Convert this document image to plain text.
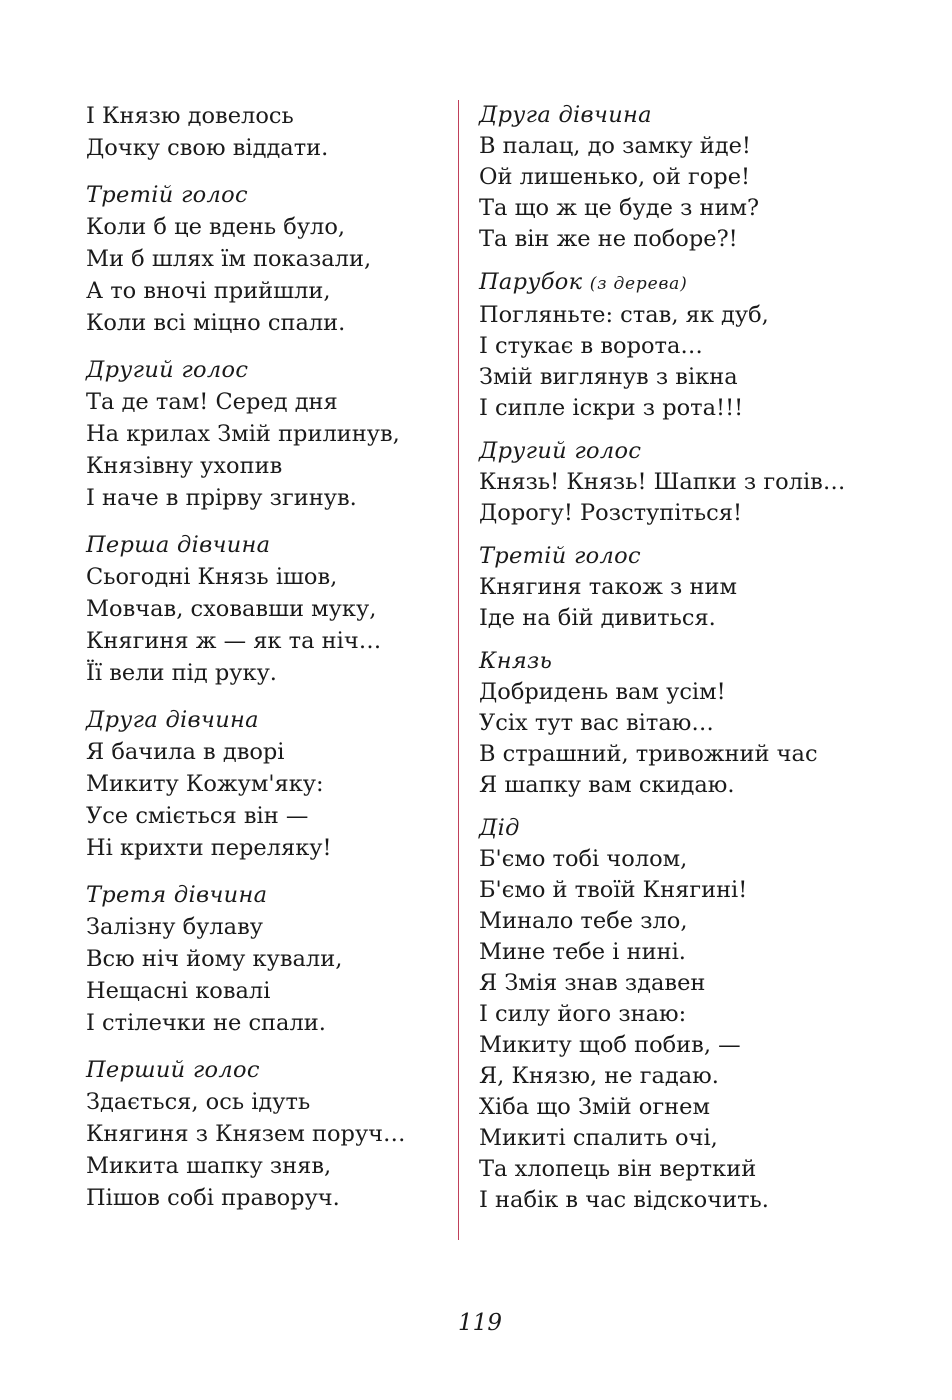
І Князю довелось
Дочку свою віддати.
Третій голос
Коли б це вдень було,
Ми б шлях їм показали,
А то вночі прийшли,
Коли всі міцно спали.
Другий голос
Та де там! Серед дня
На крилах Змій прилинув,
Князівну ухопив
І наче в прірву згинув.
Перша дівчина
Сьогодні Князь ішов,
Мовчав, сховавши муку,
Княгиня ж — як та ніч…
Її вели під руку.
Друга дівчина
Я бачила в дворі
Микиту Кожум'яку:
Усе сміється він —
Ні крихти переляку!
Третя дівчина
Залізну булаву
Всю ніч йому кували,
Нещасні ковалі
І стілечки не спали.
Перший голос
Здається, ось ідуть
Княгиня з Князем поруч…
Микита шапку зняв,
Пішов собі праворуч.
Друга дівчина
В палац, до замку йде!
Ой лишенько, ой горе!
Та що ж це буде з ним?
Та він же не поборе?!
Парубок (з дерева)
Погляньте: став, як дуб,
І стукає в ворота…
Змій виглянув з вікна
І сипле іскри з рота!!!
Другий голос
Князь! Князь! Шапки з голів…
Дорогу! Розступіться!
Третій голос
Княгиня також з ним
Іде на бій дивиться.
Князь
Добридень вам усім!
Усіх тут вас вітаю…
В страшний, тривожний час
Я шапку вам скидаю.
Дід
Б'ємо тобі чолом,
Б'ємо й твоїй Княгині!
Минало тебе зло,
Мине тебе і нині.
Я Змія знав здавен
І силу його знаю:
Микиту щоб побив, —
Я, Князю, не гадаю.
Хіба що Змій огнем
Микиті спалить очі,
Та хлопець він верткий
І набік в час відскочить.
119
